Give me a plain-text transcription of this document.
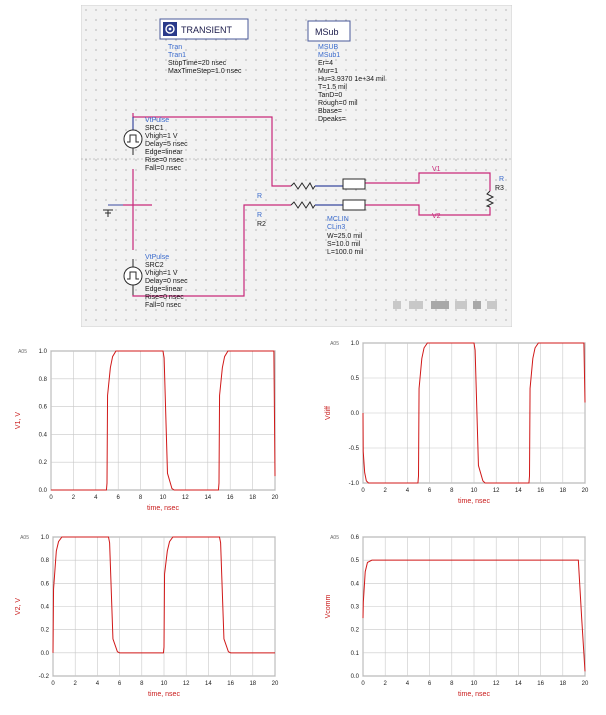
TRANSIENT	MSub
Tran
Tran1
StopTime=20 nsec
MaxTimeStep=1.0 nsec
MSUB
MSub1
Er=4
Mur=1
Hu=3.9370 1e+34 mil
T=1.5 mil
TanD=0
Rough=0 mil
Bbase=
Dpeaks=
VtPulse
SRC1
Vhigh=1 V
Delay=5 nsec
Edge=linear
Rise=0 nsec
Fall=0 nsec
VtPulse
SRC2
Vhigh=1 V
Delay=0 nsec
Edge=linear
Rise=0 nsec
Fall=0 nsec
R
R
R2
MCLIN
CLin3
W=25.0 mil
S=10.0 mil
L=100.0 mil
R
R3
V1
V2
0	2	4	6	8	10	12	14	16	18	20
0.0
0.2
0.4
0.6
0.8
1.0
A05
time, nsec
V1, V
0	2	4	6	8	10	12	14	16	18	20
-1.0
-0.5
0.0
0.5
1.0
A05
time, nsec
Vdiff
0	2	4	6	8	10	12	14	16	18	20
-0.2
0.0
0.2
0.4
0.6
0.8
1.0
A05
time, nsec
V2, V
0	2	4	6	8	10	12	14	16	18	20
0.0
0.1
0.2
0.3
0.4
0.5
0.6
A05
time, nsec
Vcomm
